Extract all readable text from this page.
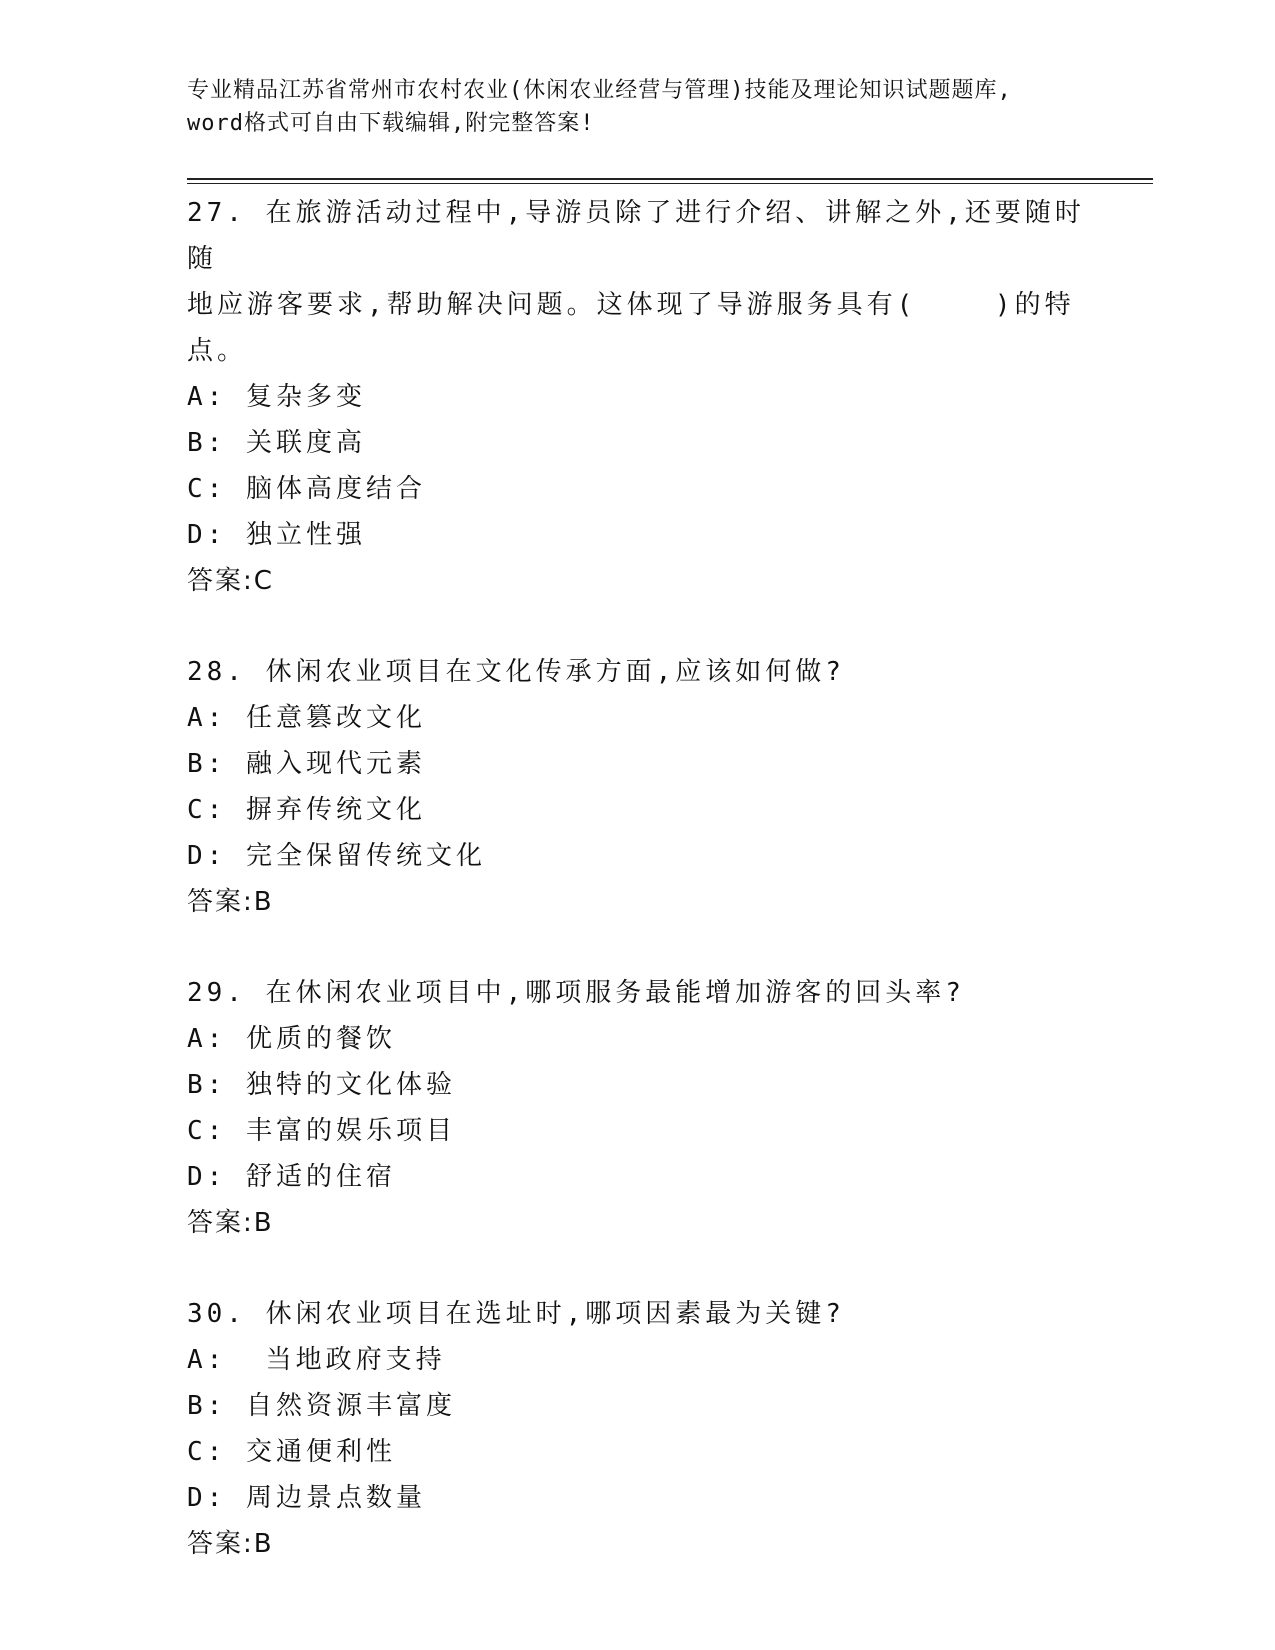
专业精品江苏省常州市农村农业(休闲农业经营与管理)技能及理论知识试题题库,
word格式可自由下载编辑,附完整答案!
27. 在旅游活动过程中,导游员除了进行介绍、讲解之外,还要随时随
地应游客要求,帮助解决问题。这体现了导游服务具有(    )的特点。
A: 复杂多变
B: 关联度高
C: 脑体高度结合
D: 独立性强
答案:C
28. 休闲农业项目在文化传承方面,应该如何做?
A: 任意篡改文化
B: 融入现代元素
C: 摒弃传统文化
D: 完全保留传统文化
答案:B
29. 在休闲农业项目中,哪项服务最能增加游客的回头率?
A: 优质的餐饮
B: 独特的文化体验
C: 丰富的娱乐项目
D: 舒适的住宿
答案:B
30. 休闲农业项目在选址时,哪项因素最为关键?
A:  当地政府支持
B: 自然资源丰富度
C: 交通便利性
D: 周边景点数量
答案:B
